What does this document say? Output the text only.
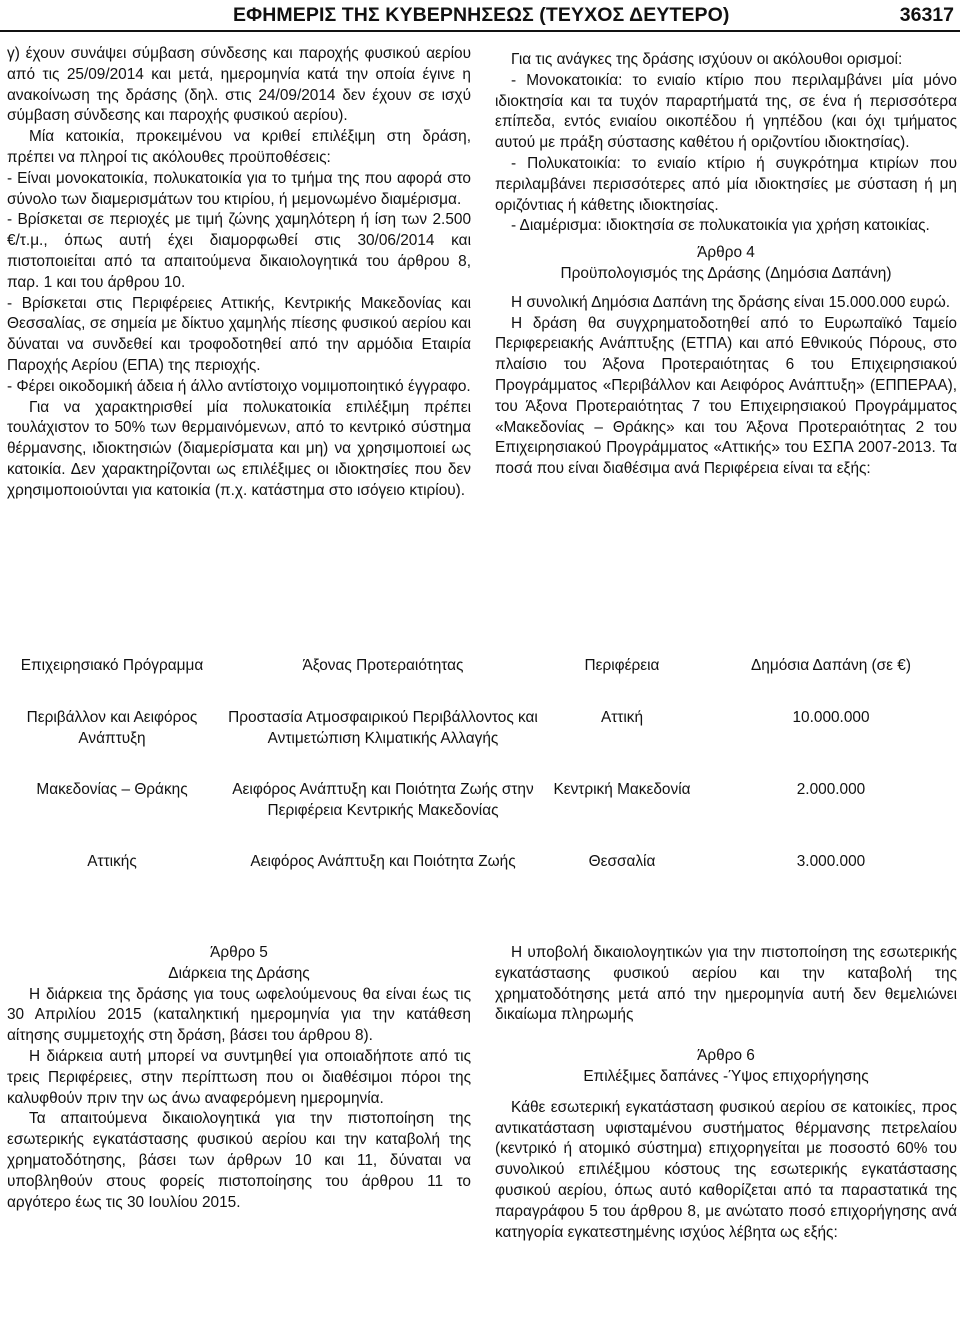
ΕΦΗΜΕΡΙΣ ΤΗΣ ΚΥΒΕΡΝΗΣΕΩΣ (ΤΕΥΧΟΣ ΔΕΥΤΕΡΟ)	36317

γ) έχουν συνάψει σύμβαση σύνδεσης και παροχής φυσικού αερίου από τις 25/09/2014 και μετά, ημερομηνία κατά την οποία έγινε η ανακοίνωση της δράσης (δηλ. στις 24/09/2014 δεν έχουν σε ισχύ σύμβαση σύνδεσης και παροχής φυσικού αερίου).

Μία κατοικία, προκειμένου να κριθεί επιλέξιμη στη δράση, πρέπει να πληροί τις ακόλουθες προϋποθέσεις:

- Είναι μονοκατοικία, πολυκατοικία για το τμήμα της που αφορά στο σύνολο των διαμερισμάτων του κτιρίου, ή μεμονωμένο διαμέρισμα.

- Βρίσκεται σε περιοχές με τιμή ζώνης χαμηλότερη ή ίση των 2.500 €/τ.μ., όπως αυτή έχει διαμορφωθεί στις 30/06/2014 και πιστοποιείται από τα απαιτούμενα δικαιολογητικά του άρθρου 8, παρ. 1 και του άρθρου 10.

- Βρίσκεται στις Περιφέρειες Αττικής, Κεντρικής Μακεδονίας και Θεσσαλίας, σε σημεία με δίκτυο χαμηλής πίεσης φυσικού αερίου και δύναται να συνδεθεί και τροφοδοτηθεί από την αρμόδια Εταιρία Παροχής Αερίου (ΕΠΑ) της περιοχής.

- Φέρει οικοδομική άδεια ή άλλο αντίστοιχο νομιμοποιητικό έγγραφο.

Για να χαρακτηρισθεί μία πολυκατοικία επιλέξιμη πρέπει τουλάχιστον το 50% των θερμαινόμενων, από το κεντρικό σύστημα θέρμανσης, ιδιοκτησιών (διαμερίσματα και μη) να χρησιμοποιεί ως κατοικία. Δεν χαρακτηρίζονται ως επιλέξιμες οι ιδιοκτησίες που δεν χρησιμοποιούνται για κατοικία (π.χ. κατάστημα στο ισόγειο κτιρίου).

Για τις ανάγκες της δράσης ισχύουν οι ακόλουθοι ορισμοί:

- Μονοκατοικία: το ενιαίο κτίριο που περιλαμβάνει μία μόνο ιδιοκτησία και τα τυχόν παραρτήματά της, σε ένα ή περισσότερα επίπεδα, εντός ενιαίου οικοπέδου ή γηπέδου (και όχι τμήματος αυτού με πράξη σύστασης καθέτου ή οριζοντίου ιδιοκτησίας).

- Πολυκατοικία: το ενιαίο κτίριο ή συγκρότημα κτιρίων που περιλαμβάνει περισσότερες από μία ιδιοκτησίες με σύσταση ή μη οριζόντιας ή κάθετης ιδιοκτησίας.

- Διαμέρισμα: ιδιοκτησία σε πολυκατοικία για χρήση κατοικίας.

Άρθρο 4

Προϋπολογισμός της Δράσης (Δημόσια Δαπάνη)

Η συνολική Δημόσια Δαπάνη της δράσης είναι 15.000.000 ευρώ.

Η δράση θα συγχρηματοδοτηθεί από το Ευρωπαϊκό Ταμείο Περιφερειακής Ανάπτυξης (ΕΤΠΑ) και από Εθνικούς Πόρους, στο πλαίσιο του Άξονα Προτεραιότητας 6 του Επιχειρησιακού Προγράμματος «Περιβάλλον και Αειφόρος Ανάπτυξη» (ΕΠΠΕΡΑΑ), του Άξονα Προτεραιότητας 7 του Επιχειρησιακού Προγράμματος «Μακεδονίας – Θράκης» και του Άξονα Προτεραιότητας 2 του Επιχειρησιακού Προγράμματος «Αττικής» του ΕΣΠΑ 2007-2013. Τα ποσά που είναι διαθέσιμα ανά Περιφέρεια είναι τα εξής:

Επιχειρησιακό Πρόγραμμα	Άξονας Προτεραιότητας	Περιφέρεια	Δημόσια Δαπάνη (σε €)
Περιβάλλον και Αειφόρος Ανάπτυξη	Προστασία Ατμοσφαιρικού Περιβάλλοντος και Αντιμετώπιση Κλιματικής Αλλαγής	Αττική	10.000.000
Μακεδονίας – Θράκης	Αειφόρος Ανάπτυξη και Ποιότητα Ζωής στην Περιφέρεια Κεντρικής Μακεδονίας	Κεντρική Μακεδονία	2.000.000
Αττικής	Αειφόρος Ανάπτυξη και Ποιότητα Ζωής	Θεσσαλία	3.000.000

Άρθρο 5

Διάρκεια της Δράσης

Η διάρκεια της δράσης για τους ωφελούμενους θα είναι έως τις 30 Απριλίου 2015 (καταληκτική ημερομηνία για την κατάθεση αίτησης συμμετοχής στη δράση, βάσει του άρθρου 8).

Η διάρκεια αυτή μπορεί να συντμηθεί για οποιαδήποτε από τις τρεις Περιφέρειες, στην περίπτωση που οι διαθέσιμοι πόροι της καλυφθούν πριν την ως άνω αναφερόμενη ημερομηνία.

Τα απαιτούμενα δικαιολογητικά για την πιστοποίηση της εσωτερικής εγκατάστασης φυσικού αερίου και την καταβολή της χρηματοδότησης, βάσει των άρθρων 10 και 11, δύναται να υποβληθούν στους φορείς πιστοποίησης του άρθρου 11 το αργότερο έως τις 30 Ιουλίου 2015.

Η υποβολή δικαιολογητικών για την πιστοποίηση της εσωτερικής εγκατάστασης φυσικού αερίου και την καταβολή της χρηματοδότησης μετά από την ημερομηνία αυτή δεν θεμελιώνει δικαίωμα πληρωμής

Άρθρο 6

Επιλέξιμες δαπάνες -Ύψος επιχορήγησης

Κάθε εσωτερική εγκατάσταση φυσικού αερίου σε κατοικίες, προς αντικατάσταση υφισταμένου συστήματος θέρμανσης πετρελαίου (κεντρικό ή ατομικό σύστημα) επιχορηγείται με ποσοστό 60% του συνολικού επιλέξιμου κόστους της εσωτερικής εγκατάστασης φυσικού αερίου, όπως αυτό καθορίζεται από τα παραστατικά της παραγράφου 5 του άρθρου 8, με ανώτατο ποσό επιχορήγησης ανά κατηγορία εγκατεστημένης ισχύος λέβητα ως εξής:
